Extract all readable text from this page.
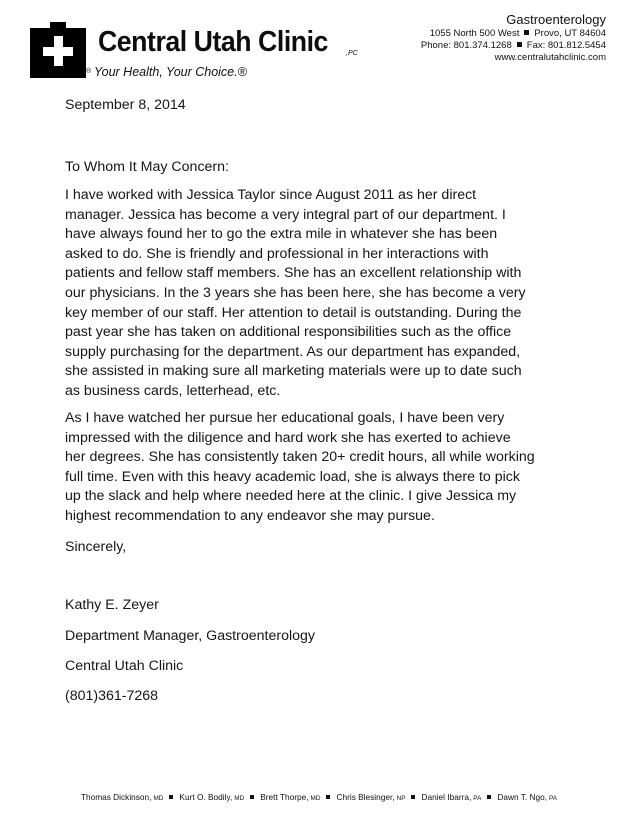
®
Central Utah Clinic	,PC
Your Health, Your Choice.®
Gastroenterology
1055 North 500 West Provo, UT 84604
Phone: 801.374.1268 Fax: 801.812.5454
www.centralutahclinic.com
September 8, 2014
To Whom It May Concern:

I have worked with Jessica Taylor since August 2011 as her direct manager. Jessica has become a very integral part of our department. I have always found her to go the extra mile in whatever she has been asked to do. She is friendly and professional in her interactions with patients and fellow staff members. She has an excellent relationship with our physicians. In the 3 years she has been here, she has become a very key member of our staff. Her attention to detail is outstanding. During the past year she has taken on additional responsibilities such as the office supply purchasing for the department. As our department has expanded, she assisted in making sure all marketing materials were up to date such as business cards, letterhead, etc.

As I have watched her pursue her educational goals, I have been very impressed with the diligence and hard work she has exerted to achieve her degrees. She has consistently taken 20+ credit hours, all while working full time. Even with this heavy academic load, she is always there to pick up the slack and help where needed here at the clinic. I give Jessica my highest recommendation to any endeavor she may pursue.

Sincerely,
Kathy E. Zeyer
Department Manager, Gastroenterology
Central Utah Clinic
(801)361-7268
Thomas Dickinson, MD Kurt O. Bodily, MD Brett Thorpe, MD Chris Blesinger, NP Daniel Ibarra, PA Dawn T. Ngo, PA
